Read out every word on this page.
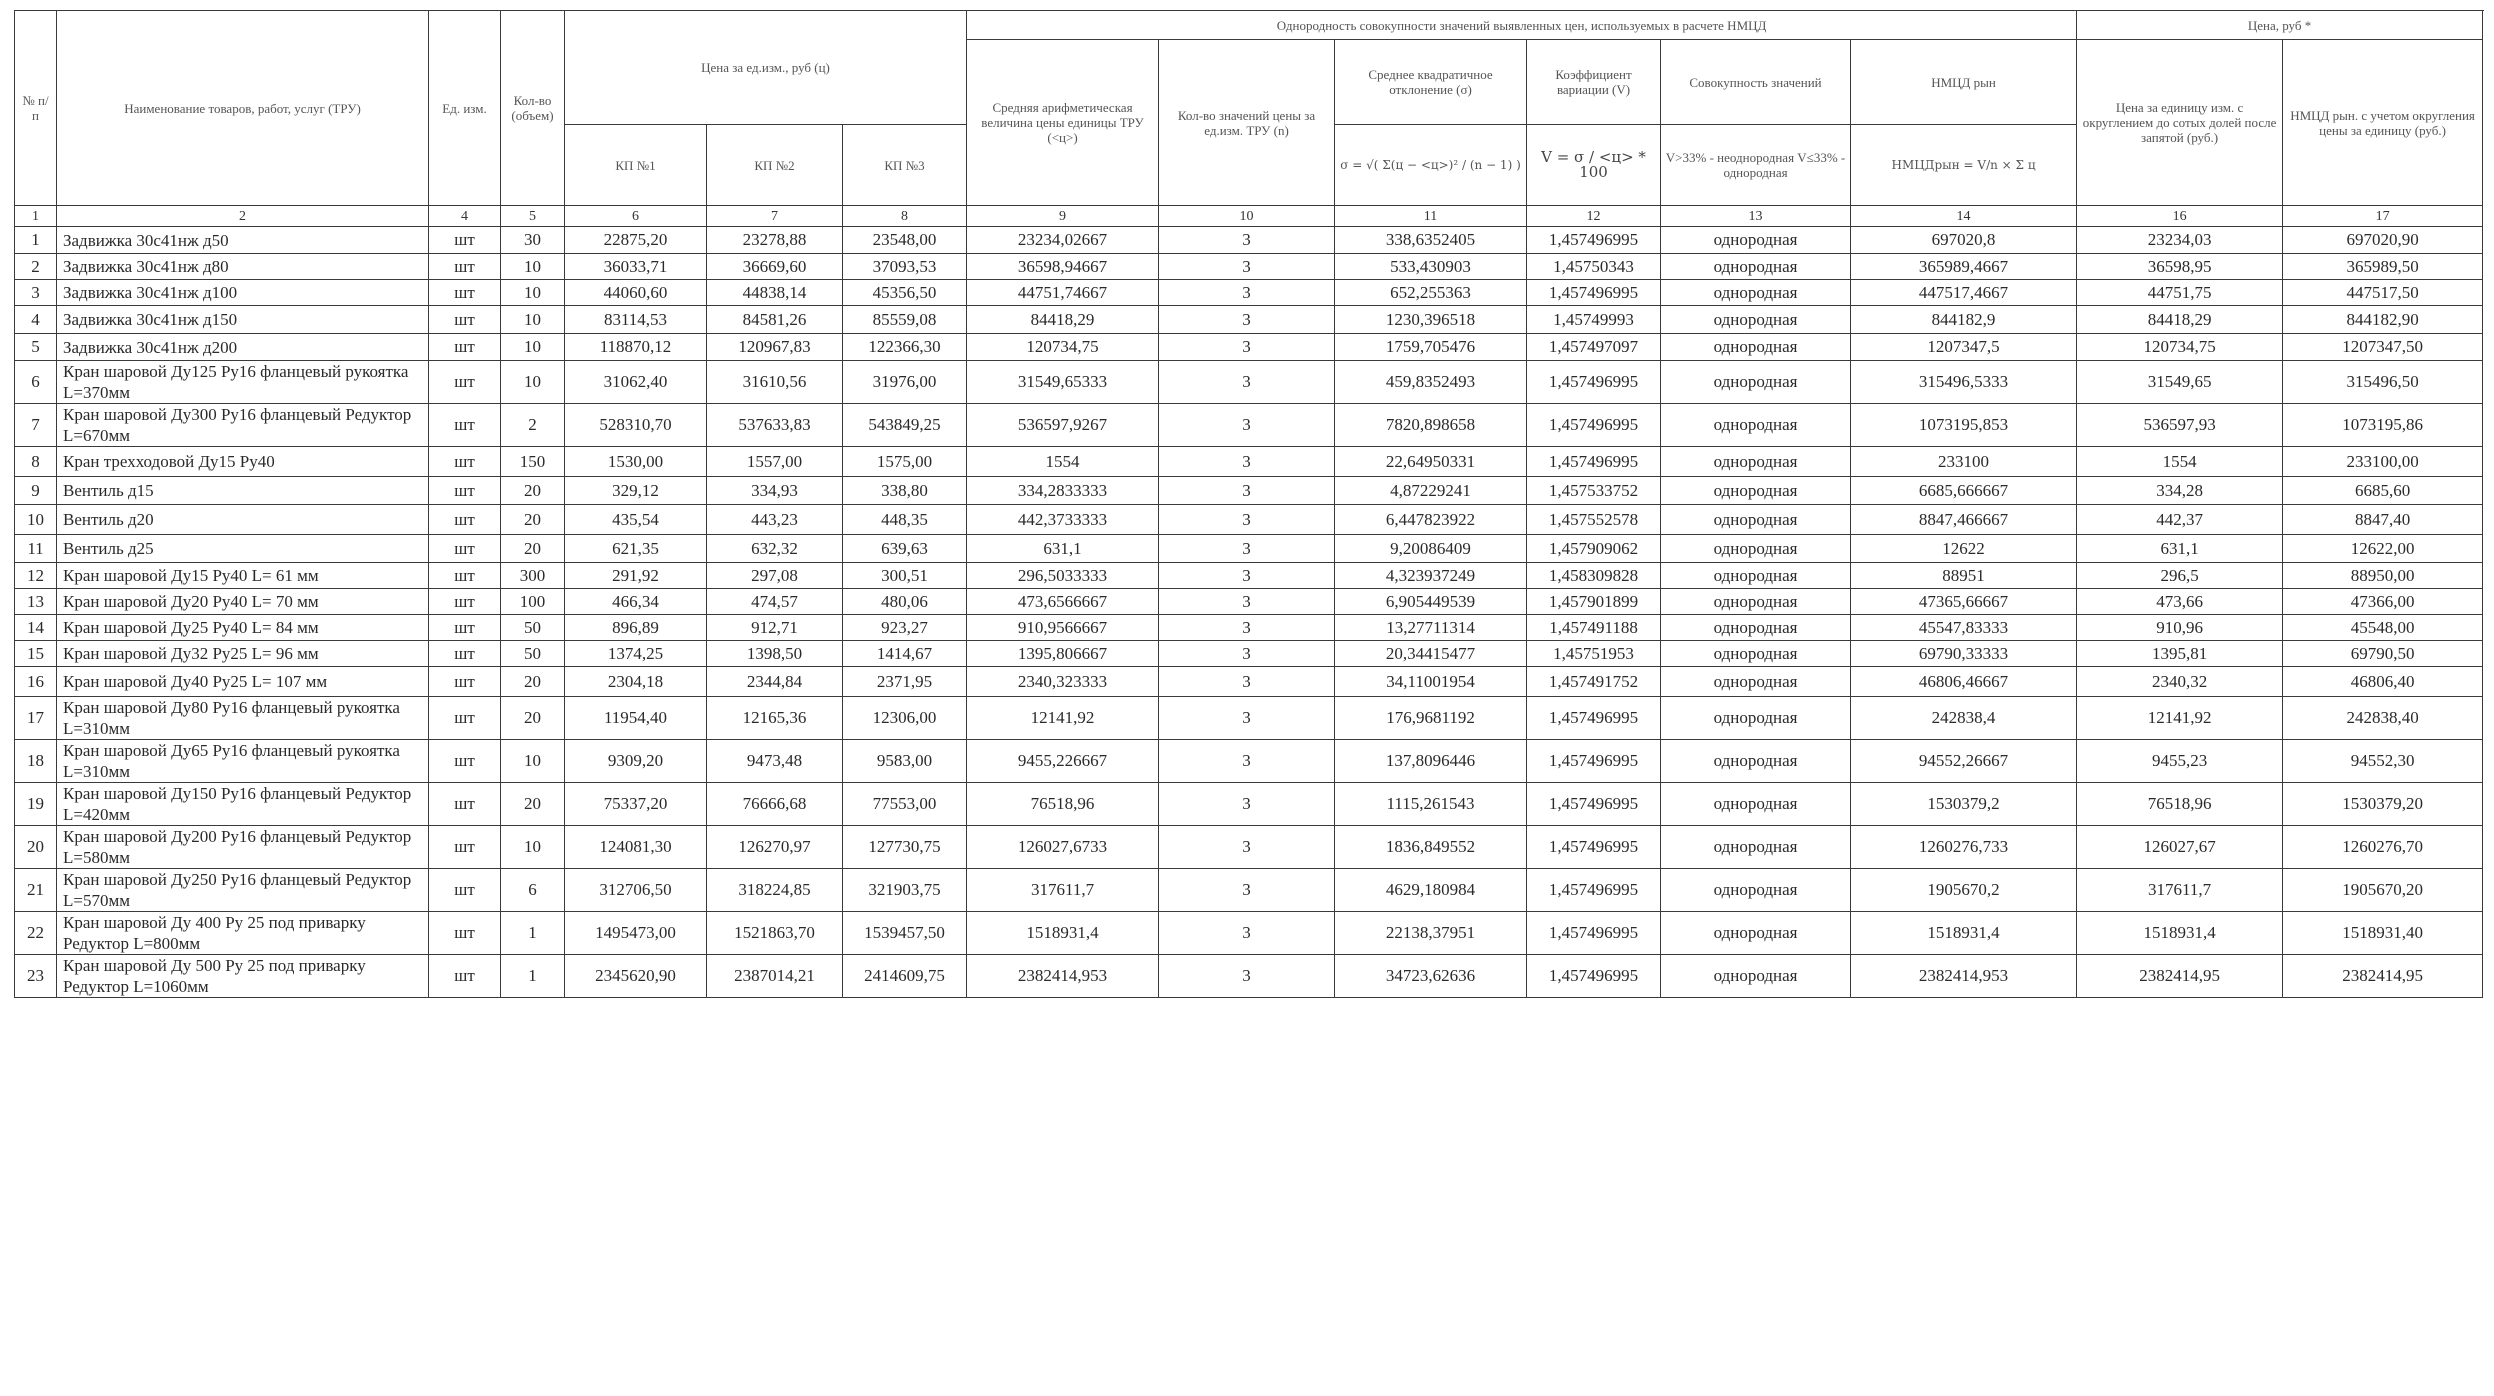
№ п/п	Наименование товаров, работ, услуг (ТРУ)	Ед. изм.	Кол-во (объем)	Цена за ед.изм., руб (ц)			Однородность совокупности значений выявленных цен, используемых в расчете НМЦД						Цена, руб *	
							Средняя арифметическая величина цены единицы ТРУ (<ц>)	Кол-во значений цены за ед.изм. ТРУ (n)	Среднее квадратичное отклонение (σ)	Коэффициент вариации (V)	Совокупность значений	НМЦД рын	Цена за единицу изм. с округлением до сотых долей после запятой (руб.)	НМЦД рын. с учетом округления цены за единицу (руб.)
				КП №1	КП №2	КП №3			σ = √( Σ(ц − <ц>)² / (n − 1) )	V = σ / <ц> * 100	V>33% - неоднородная V≤33% - однородная	НМЦДрын = V/n × Σ ц		
1	2	4	5	6	7	8	9	10	11	12	13	14	16	17
1	Задвижка 30с41нж д50	шт	30	22875,20	23278,88	23548,00	23234,02667	3	338,6352405	1,457496995	однородная	697020,8	23234,03	697020,90
2	Задвижка 30с41нж д80	шт	10	36033,71	36669,60	37093,53	36598,94667	3	533,430903	1,45750343	однородная	365989,4667	36598,95	365989,50
3	Задвижка 30с41нж д100	шт	10	44060,60	44838,14	45356,50	44751,74667	3	652,255363	1,457496995	однородная	447517,4667	44751,75	447517,50
4	Задвижка 30с41нж д150	шт	10	83114,53	84581,26	85559,08	84418,29	3	1230,396518	1,45749993	однородная	844182,9	84418,29	844182,90
5	Задвижка 30с41нж д200	шт	10	118870,12	120967,83	122366,30	120734,75	3	1759,705476	1,457497097	однородная	1207347,5	120734,75	1207347,50
6	Кран шаровой Ду125 Ру16 фланцевый рукоятка L=370мм	шт	10	31062,40	31610,56	31976,00	31549,65333	3	459,8352493	1,457496995	однородная	315496,5333	31549,65	315496,50
7	Кран шаровой Ду300 Ру16 фланцевый Редуктор L=670мм	шт	2	528310,70	537633,83	543849,25	536597,9267	3	7820,898658	1,457496995	однородная	1073195,853	536597,93	1073195,86
8	Кран трехходовой Ду15 Ру40	шт	150	1530,00	1557,00	1575,00	1554	3	22,64950331	1,457496995	однородная	233100	1554	233100,00
9	Вентиль д15	шт	20	329,12	334,93	338,80	334,2833333	3	4,87229241	1,457533752	однородная	6685,666667	334,28	6685,60
10	Вентиль д20	шт	20	435,54	443,23	448,35	442,3733333	3	6,447823922	1,457552578	однородная	8847,466667	442,37	8847,40
11	Вентиль д25	шт	20	621,35	632,32	639,63	631,1	3	9,20086409	1,457909062	однородная	12622	631,1	12622,00
12	Кран шаровой Ду15 Ру40 L= 61 мм	шт	300	291,92	297,08	300,51	296,5033333	3	4,323937249	1,458309828	однородная	88951	296,5	88950,00
13	Кран шаровой Ду20 Ру40 L= 70 мм	шт	100	466,34	474,57	480,06	473,6566667	3	6,905449539	1,457901899	однородная	47365,66667	473,66	47366,00
14	Кран шаровой Ду25 Ру40 L= 84 мм	шт	50	896,89	912,71	923,27	910,9566667	3	13,27711314	1,457491188	однородная	45547,83333	910,96	45548,00
15	Кран шаровой Ду32 Ру25 L= 96 мм	шт	50	1374,25	1398,50	1414,67	1395,806667	3	20,34415477	1,45751953	однородная	69790,33333	1395,81	69790,50
16	Кран шаровой Ду40 Ру25 L= 107 мм	шт	20	2304,18	2344,84	2371,95	2340,323333	3	34,11001954	1,457491752	однородная	46806,46667	2340,32	46806,40
17	Кран шаровой Ду80 Ру16 фланцевый рукоятка L=310мм	шт	20	11954,40	12165,36	12306,00	12141,92	3	176,9681192	1,457496995	однородная	242838,4	12141,92	242838,40
18	Кран шаровой Ду65 Ру16 фланцевый рукоятка L=310мм	шт	10	9309,20	9473,48	9583,00	9455,226667	3	137,8096446	1,457496995	однородная	94552,26667	9455,23	94552,30
19	Кран шаровой Ду150 Ру16 фланцевый Редуктор L=420мм	шт	20	75337,20	76666,68	77553,00	76518,96	3	1115,261543	1,457496995	однородная	1530379,2	76518,96	1530379,20
20	Кран шаровой Ду200 Ру16 фланцевый Редуктор L=580мм	шт	10	124081,30	126270,97	127730,75	126027,6733	3	1836,849552	1,457496995	однородная	1260276,733	126027,67	1260276,70
21	Кран шаровой Ду250 Ру16 фланцевый Редуктор L=570мм	шт	6	312706,50	318224,85	321903,75	317611,7	3	4629,180984	1,457496995	однородная	1905670,2	317611,7	1905670,20
22	Кран шаровой Ду 400 Ру 25 под приварку Редуктор L=800мм	шт	1	1495473,00	1521863,70	1539457,50	1518931,4	3	22138,37951	1,457496995	однородная	1518931,4	1518931,4	1518931,40
23	Кран шаровой Ду 500 Ру 25 под приварку Редуктор L=1060мм	шт	1	2345620,90	2387014,21	2414609,75	2382414,953	3	34723,62636	1,457496995	однородная	2382414,953	2382414,95	2382414,95
